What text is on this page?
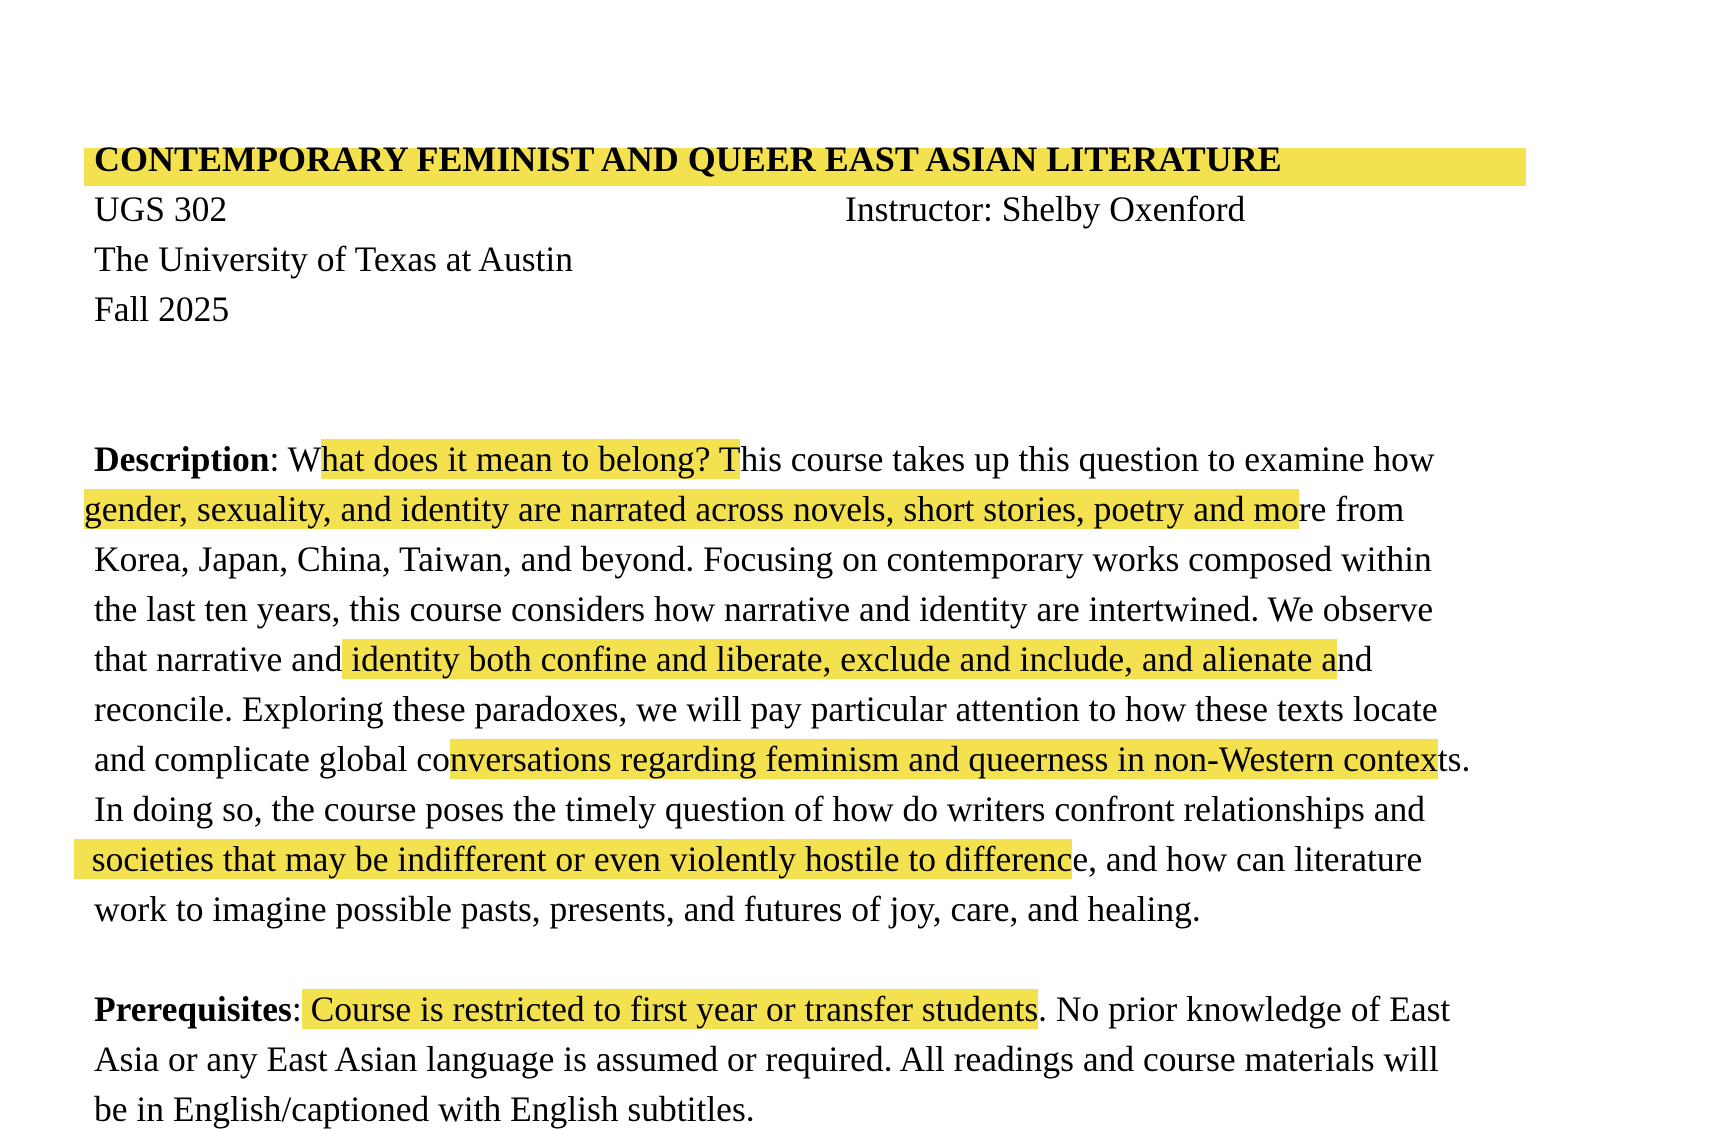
CONTEMPORARY FEMINIST AND QUEER EAST ASIAN LITERATURE
UGS 302	Instructor: Shelby Oxenford
The University of Texas at Austin
Fall 2025
Description: What does it mean to belong? This course takes up this question to examine how
gender, sexuality, and identity are narrated across novels, short stories, poetry and more from
Korea, Japan, China, Taiwan, and beyond. Focusing on contemporary works composed within
the last ten years, this course considers how narrative and identity are intertwined. We observe
that narrative and identity both confine and liberate, exclude and include, and alienate and
reconcile. Exploring these paradoxes, we will pay particular attention to how these texts locate
and complicate global conversations regarding feminism and queerness in non-Western contexts.
In doing so, the course poses the timely question of how do writers confront relationships and
societies that may be indifferent or even violently hostile to difference, and how can literature
work to imagine possible pasts, presents, and futures of joy, care, and healing.
Prerequisites: Course is restricted to first year or transfer students. No prior knowledge of East
Asia or any East Asian language is assumed or required. All readings and course materials will
be in English/captioned with English subtitles.
